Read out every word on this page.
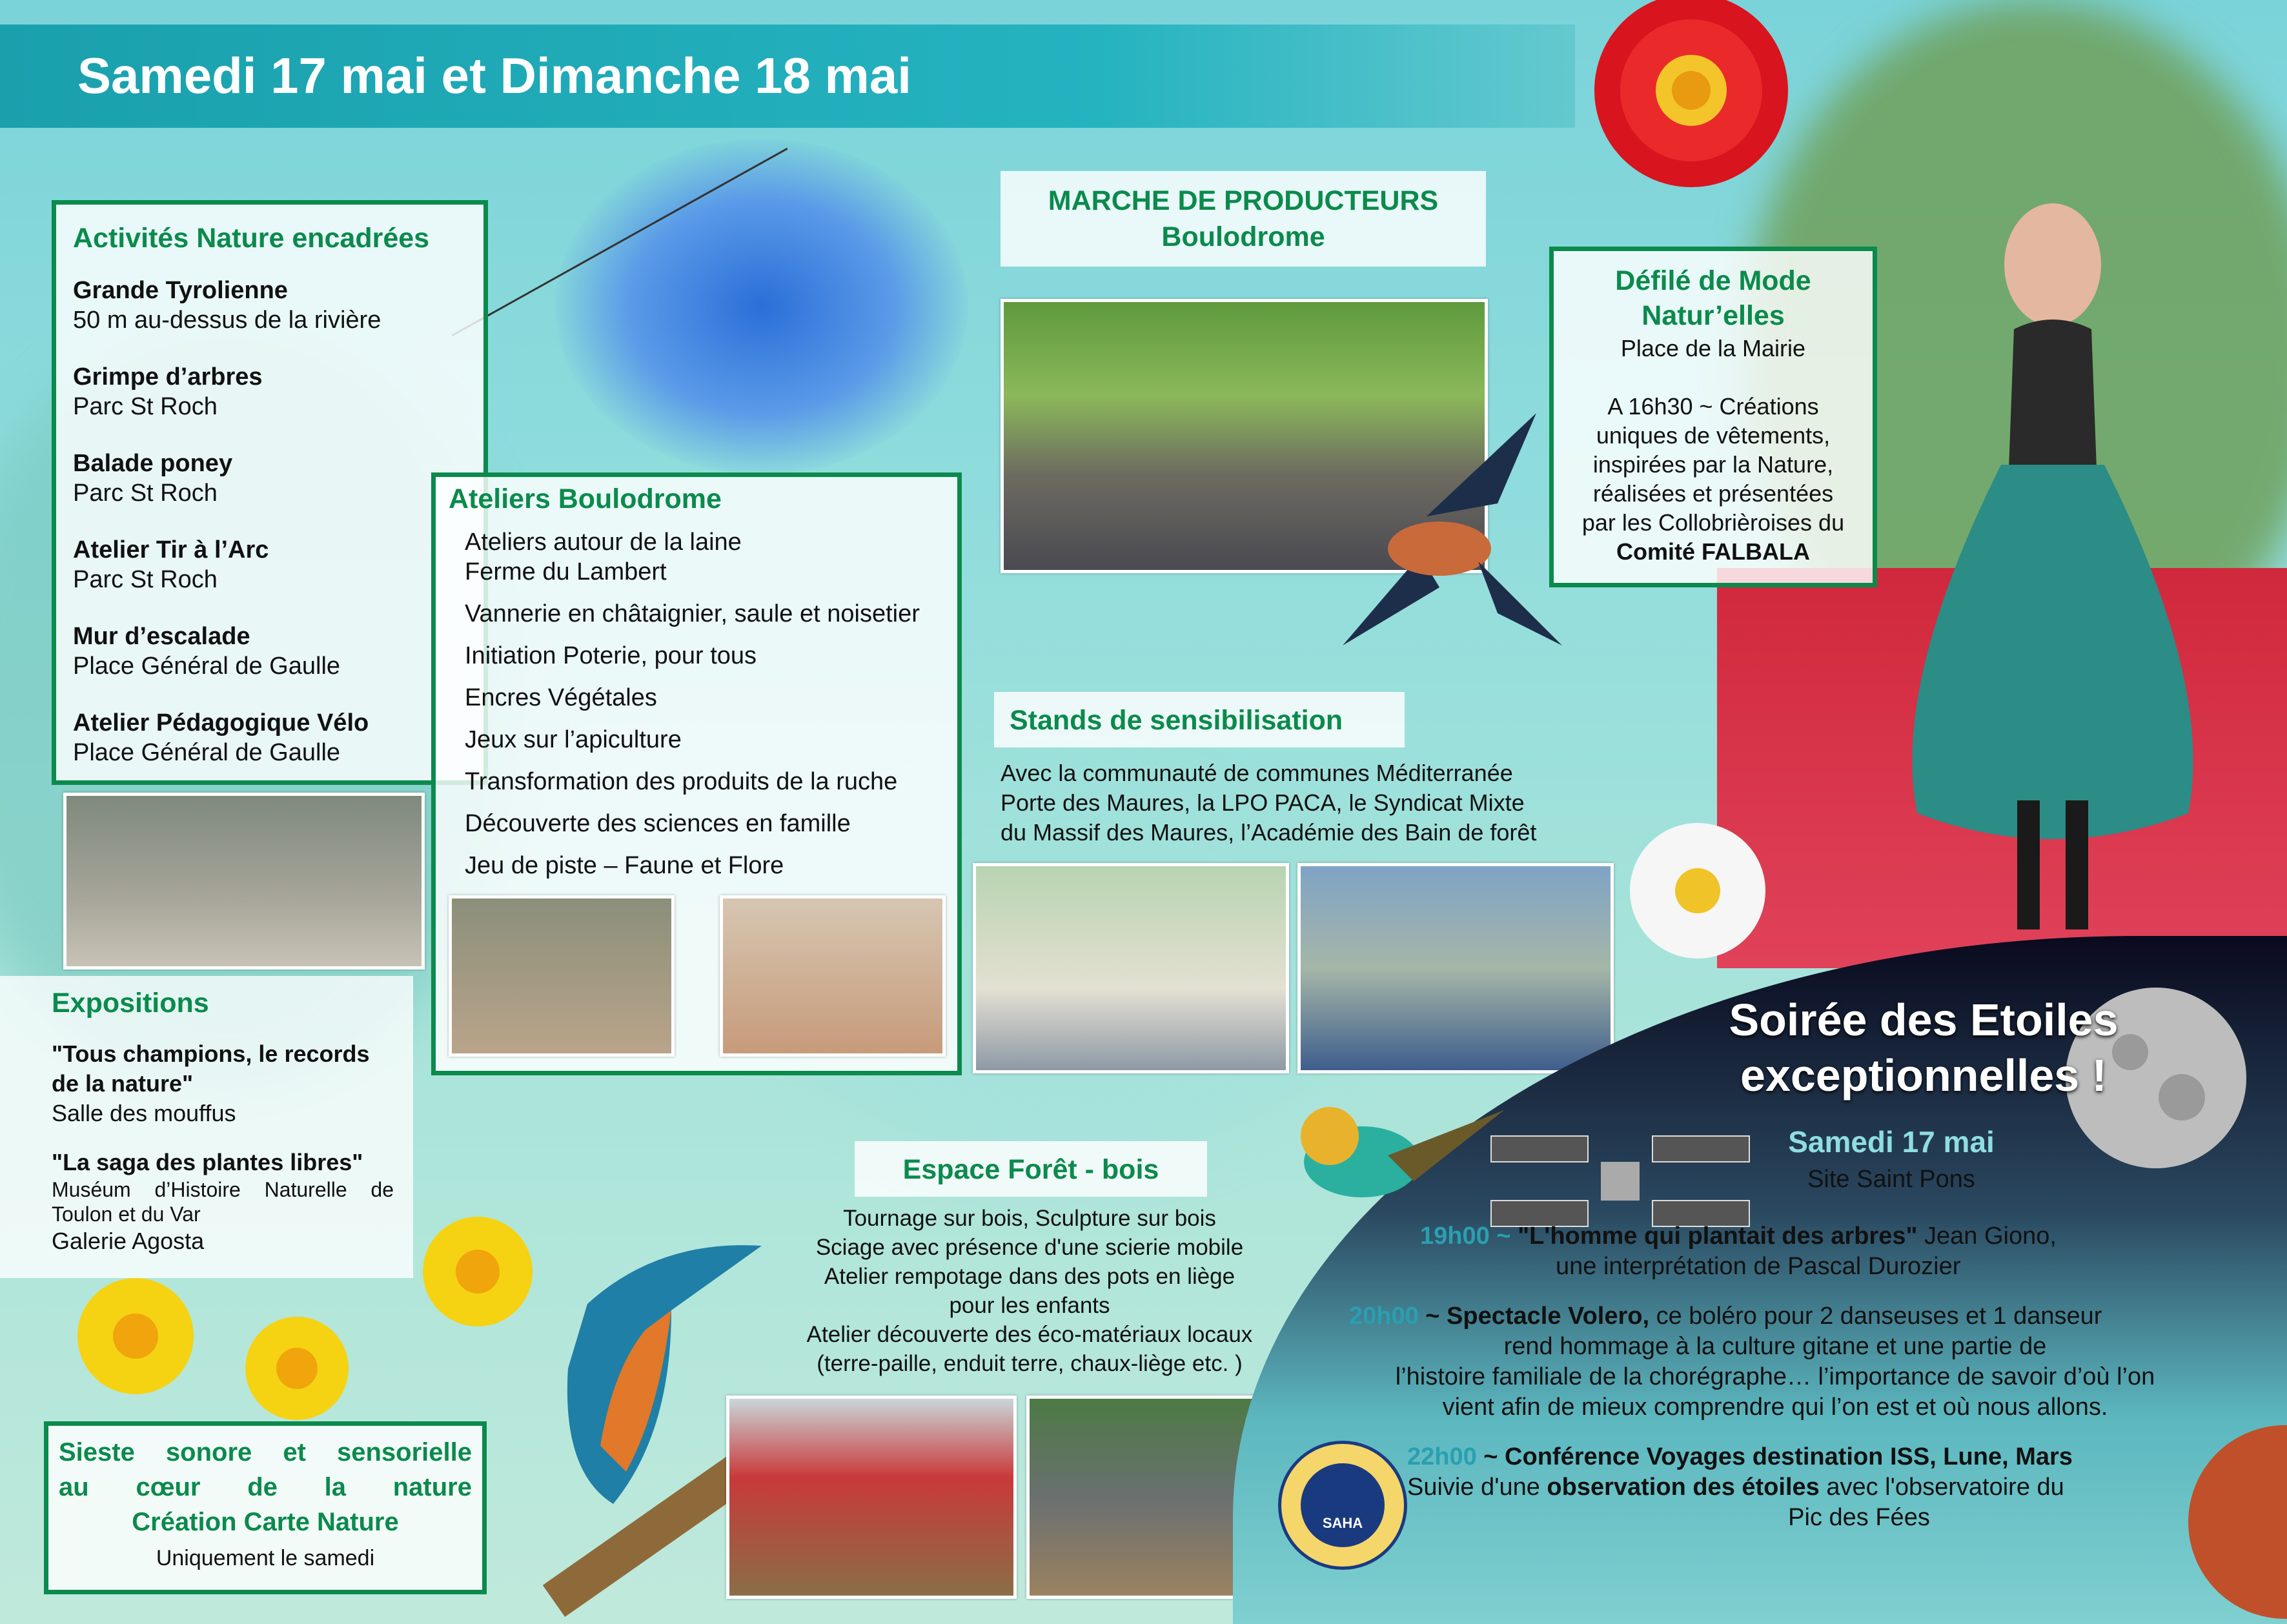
Samedi 17 mai et Dimanche 18 mai
Activités Nature encadrées
Grande Tyrolienne
50 m au-dessus de la rivière
Grimpe d’arbres
Parc St Roch
Balade poney
Parc St Roch
Atelier Tir à l’Arc
Parc St Roch
Mur d’escalade
Place Général de Gaulle
Atelier Pédagogique Vélo
Place Général de Gaulle
Ateliers Boulodrome
Ateliers autour de la laine
Ferme du Lambert
Vannerie en châtaignier, saule et noisetier
Initiation Poterie, pour tous
Encres Végétales
Jeux sur l’apiculture
Transformation des produits de la ruche
Découverte des sciences en famille
Jeu de piste – Faune et Flore
MARCHE DE PRODUCTEURS
Boulodrome
Défilé de Mode
Natur’elles
Place de la Mairie
A 16h30 ~ Créations
uniques de vêtements,
inspirées par la Nature,
réalisées et présentées
par les Collobrièroises du
Comité FALBALA
Stands de sensibilisation
Avec la communauté de communes Méditerranée
Porte des Maures, la LPO PACA, le Syndicat Mixte
du Massif des Maures, l’Académie des Bain de forêt
Expositions
"Tous champions, le records
de la nature"
Salle des mouffus
"La saga des plantes libres"
Muséum d’Histoire Naturelle de
Toulon et du Var
Galerie Agosta
Sieste sonore et sensorielle
au cœur de la nature
Création Carte Nature
Uniquement le samedi
Espace Forêt - bois
Tournage sur bois, Sculpture sur bois
Sciage avec présence d'une scierie mobile
Atelier rempotage dans des pots en liège
pour les enfants
Atelier découverte des éco-matériaux locaux
(terre-paille, enduit terre, chaux-liège etc. )
Soirée des Etoiles
exceptionnelles !
Samedi 17 mai
Site Saint Pons
19h00 ~ "L'homme qui plantait des arbres" Jean Giono,
une interprétation de Pascal Durozier
20h00 ~ Spectacle Volero, ce boléro pour 2 danseuses et 1 danseur
rend hommage à la culture gitane et une partie de
l’histoire familiale de la chorégraphe… l’importance de savoir d’où l’on
vient afin de mieux comprendre qui l’on est et où nous allons.
22h00 ~ Conférence Voyages destination ISS, Lune, Mars
Suivie d'une observation des étoiles avec l'observatoire du
Pic des Fées
SAHA
